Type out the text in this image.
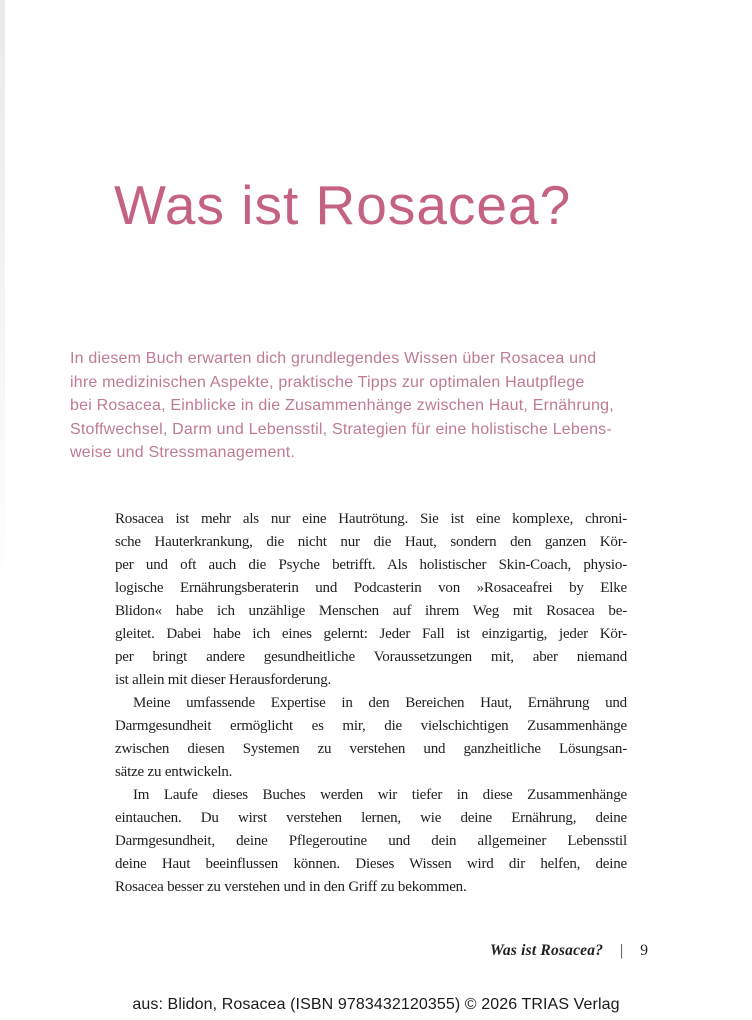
Was ist Rosacea?
In diesem Buch erwarten dich grundlegendes Wissen über Rosacea und
ihre medizinischen Aspekte, praktische Tipps zur optimalen Hautpflege
bei Rosacea, Einblicke in die Zusammenhänge zwischen Haut, Ernährung,
Stoffwechsel, Darm und Lebensstil, Strategien für eine holistische Lebens-
weise und Stressmanagement.
Rosacea ist mehr als nur eine Hautrötung. Sie ist eine komplexe, chroni-
sche Hauterkrankung, die nicht nur die Haut, sondern den ganzen Kör-
per und oft auch die Psyche betrifft. Als holistischer Skin-Coach, physio-
logische Ernährungsberaterin und Podcasterin von »Rosaceafrei by Elke
Blidon« habe ich unzählige Menschen auf ihrem Weg mit Rosacea be-
gleitet. Dabei habe ich eines gelernt: Jeder Fall ist einzigartig, jeder Kör-
per bringt andere gesundheitliche Voraussetzungen mit, aber niemand
ist allein mit dieser Herausforderung.
Meine umfassende Expertise in den Bereichen Haut, Ernährung und
Darmgesundheit ermöglicht es mir, die vielschichtigen Zusammenhänge
zwischen diesen Systemen zu verstehen und ganzheitliche Lösungsan-
sätze zu entwickeln.
Im Laufe dieses Buches werden wir tiefer in diese Zusammenhänge
eintauchen. Du wirst verstehen lernen, wie deine Ernährung, deine
Darmgesundheit, deine Pflegeroutine und dein allgemeiner Lebensstil
deine Haut beeinflussen können. Dieses Wissen wird dir helfen, deine
Rosacea besser zu verstehen und in den Griff zu bekommen.
Was ist Rosacea? | 9
aus: Blidon, Rosacea (ISBN 9783432120355) © 2026 TRIAS Verlag
